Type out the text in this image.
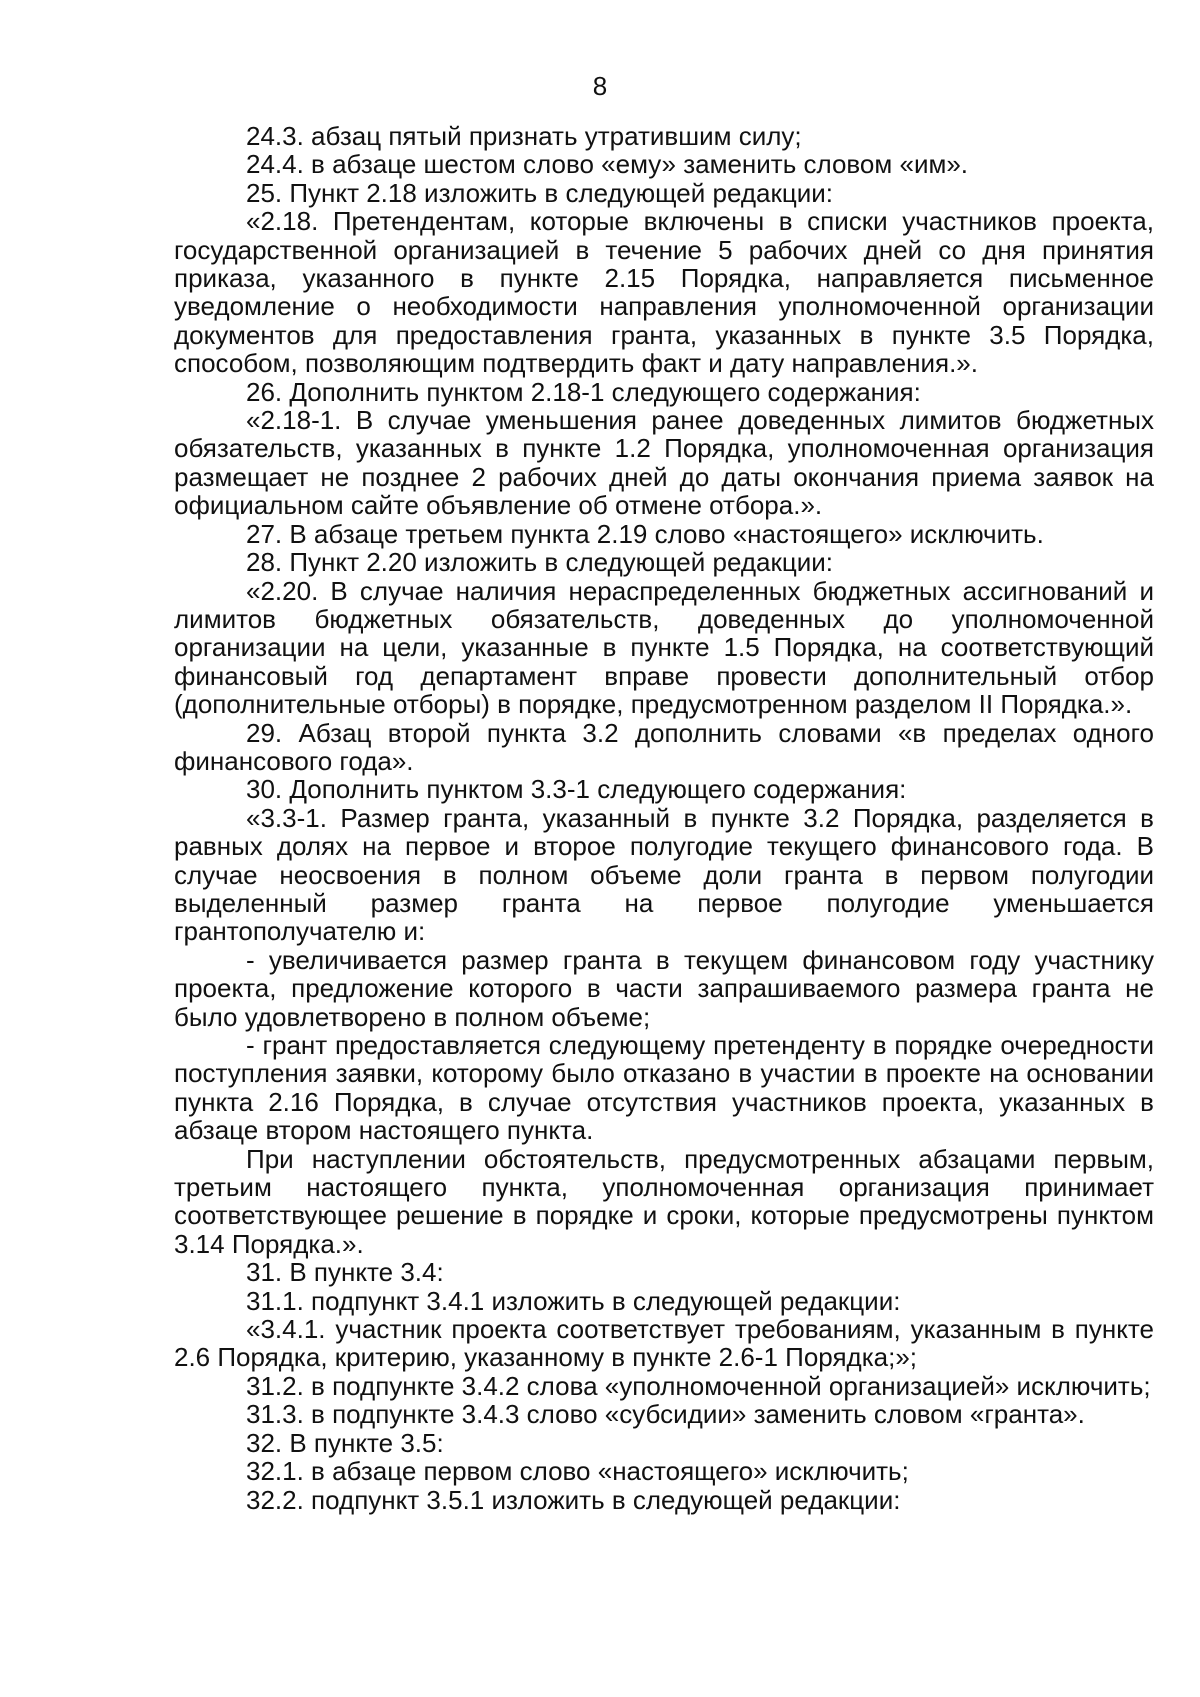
8

24.3. абзац пятый признать утратившим силу;

24.4. в абзаце шестом слово «ему» заменить словом «им».

25. Пункт 2.18 изложить в следующей редакции:

«2.18. Претендентам, которые включены в списки участников проекта, государственной организацией в течение 5 рабочих дней со дня принятия приказа, указанного в пункте 2.15 Порядка, направляется письменное уведомление о необходимости направления уполномоченной организации документов для предоставления гранта, указанных в пункте 3.5 Порядка, способом, позволяющим подтвердить факт и дату направления.».

26. Дополнить пунктом 2.18-1 следующего содержания:

«2.18-1. В случае уменьшения ранее доведенных лимитов бюджетных обязательств, указанных в пункте 1.2 Порядка, уполномоченная организация размещает не позднее 2 рабочих дней до даты окончания приема заявок на официальном сайте объявление об отмене отбора.».

27. В абзаце третьем пункта 2.19 слово «настоящего» исключить.

28. Пункт 2.20 изложить в следующей редакции:

«2.20. В случае наличия нераспределенных бюджетных ассигнований и лимитов бюджетных обязательств, доведенных до уполномоченной организации на цели, указанные в пункте 1.5 Порядка, на соответствующий финансовый год департамент вправе провести дополнительный отбор (дополнительные отборы) в порядке, предусмотренном разделом II Порядка.».

29. Абзац второй пункта 3.2 дополнить словами «в пределах одного финансового года».

30. Дополнить пунктом 3.3-1 следующего содержания:

«3.3-1. Размер гранта, указанный в пункте 3.2 Порядка, разделяется в равных долях на первое и второе полугодие текущего финансового года. В случае неосвоения в полном объеме доли гранта в первом полугодии выделенный размер гранта на первое полугодие уменьшается грантополучателю и:

- увеличивается размер гранта в текущем финансовом году участнику проекта, предложение которого в части запрашиваемого размера гранта не было удовлетворено в полном объеме;

- грант предоставляется следующему претенденту в порядке очередности поступления заявки, которому было отказано в участии в проекте на основании пункта 2.16 Порядка, в случае отсутствия участников проекта, указанных в абзаце втором настоящего пункта.

При наступлении обстоятельств, предусмотренных абзацами первым, третьим настоящего пункта, уполномоченная организация принимает соответствующее решение в порядке и сроки, которые предусмотрены пунктом 3.14 Порядка.».

31. В пункте 3.4:

31.1. подпункт 3.4.1 изложить в следующей редакции:

«3.4.1. участник проекта соответствует требованиям, указанным в пункте 2.6 Порядка, критерию, указанному в пункте 2.6-1 Порядка;»;

31.2. в подпункте 3.4.2 слова «уполномоченной организацией» исключить;

31.3. в подпункте 3.4.3 слово «субсидии» заменить словом «гранта».

32. В пункте 3.5:

32.1. в абзаце первом слово «настоящего» исключить;

32.2. подпункт 3.5.1 изложить в следующей редакции:
